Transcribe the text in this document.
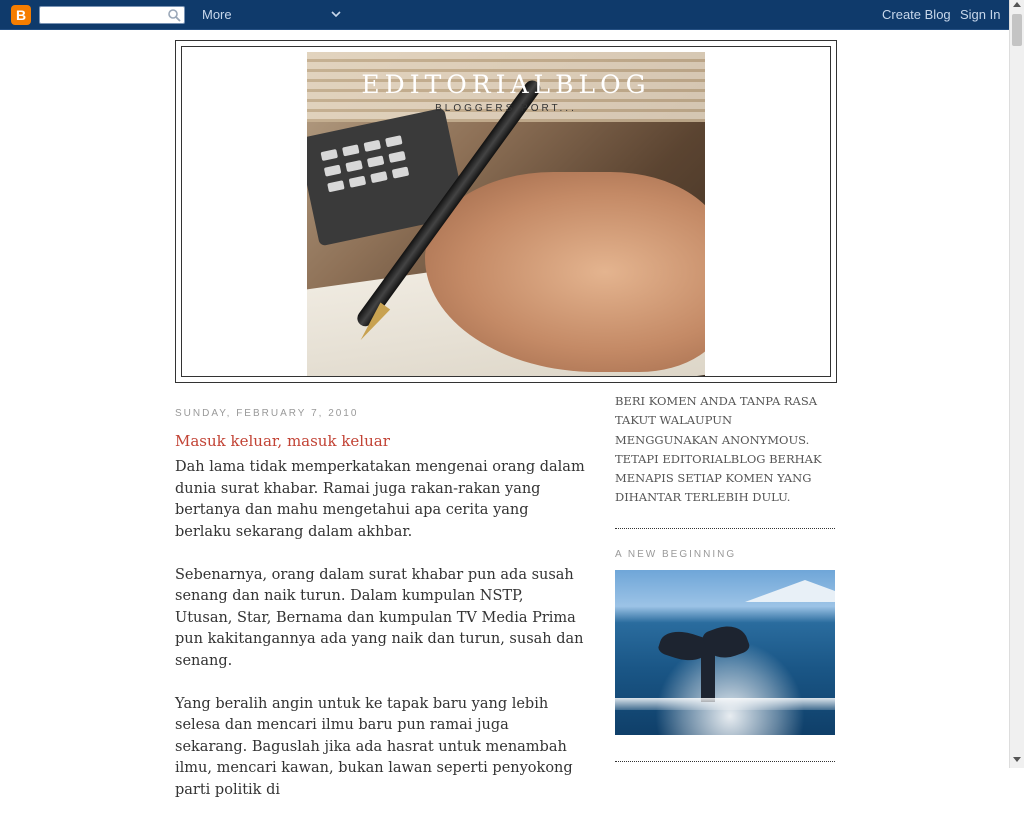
B	More	Create Blog Sign In
EDITORIALBLOG
BLOGGERS PORT...
SUNDAY, FEBRUARY 7, 2010
Masuk keluar, masuk keluar

Dah lama tidak memperkatakan mengenai orang dalam dunia surat khabar. Ramai juga rakan-rakan yang bertanya dan mahu mengetahui apa cerita yang berlaku sekarang dalam akhbar.

Sebenarnya, orang dalam surat khabar pun ada susah senang dan naik turun. Dalam kumpulan NSTP, Utusan, Star, Bernama dan kumpulan TV Media Prima pun kakitangannya ada yang naik dan turun, susah dan senang.

Yang beralih angin untuk ke tapak baru yang lebih selesa dan mencari ilmu baru pun ramai juga sekarang. Baguslah jika ada hasrat untuk menambah ilmu, mencari kawan, bukan lawan seperti penyokong parti politik di

BERI KOMEN ANDA TANPA RASA TAKUT WALAUPUN MENGGUNAKAN ANONYMOUS. TETAPI EDITORIALBLOG BERHAK MENAPIS SETIAP KOMEN YANG DIHANTAR TERLEBIH DULU.
A NEW BEGINNING
